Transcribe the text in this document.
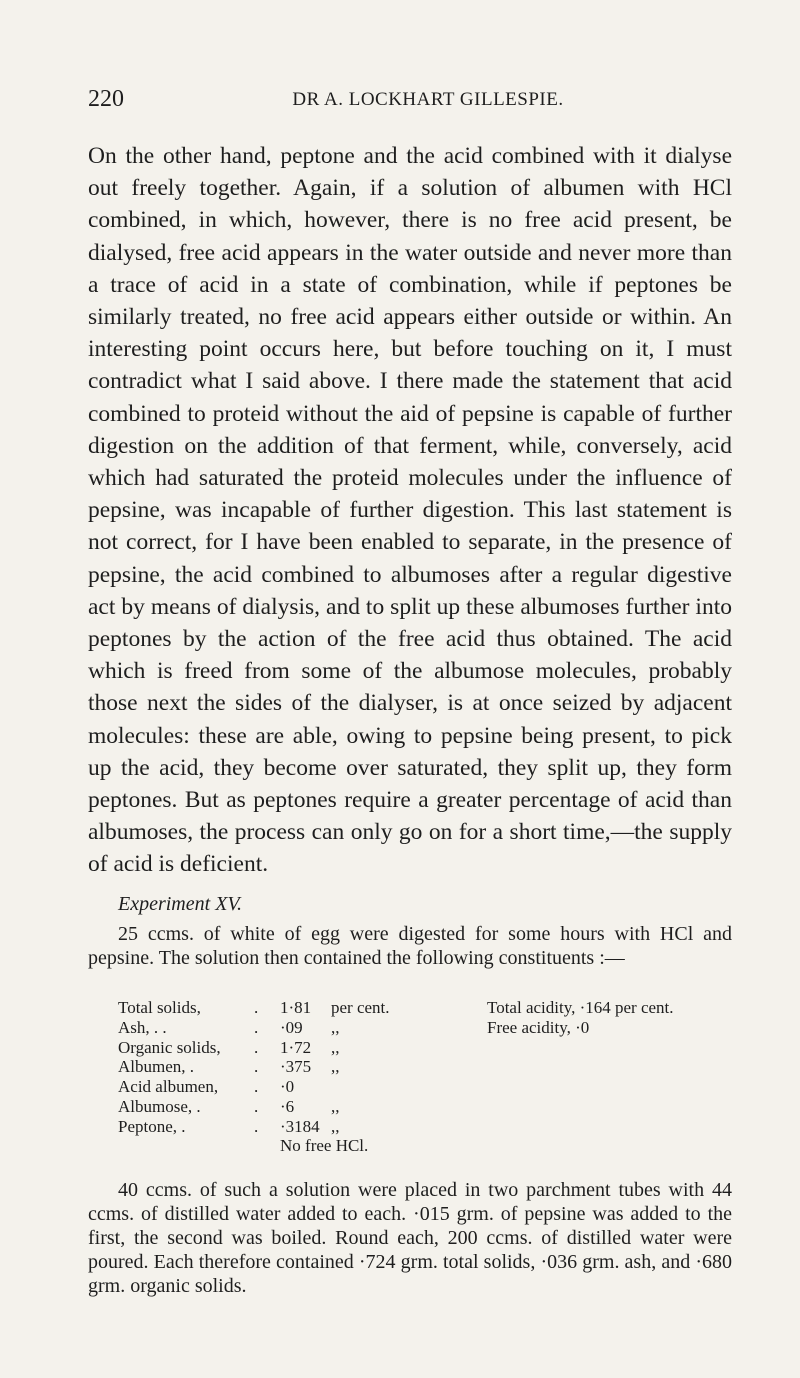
220	DR A. LOCKHART GILLESPIE.

On the other hand, peptone and the acid combined with it dialyse out freely together. Again, if a solution of albumen with HCl combined, in which, however, there is no free acid present, be dialysed, free acid appears in the water outside and never more than a trace of acid in a state of combination, while if peptones be similarly treated, no free acid appears either outside or within. An interesting point occurs here, but before touching on it, I must contradict what I said above. I there made the statement that acid combined to proteid without the aid of pepsine is capable of further digestion on the addition of that ferment, while, conversely, acid which had saturated the proteid molecules under the influence of pepsine, was incapable of further digestion. This last statement is not correct, for I have been enabled to separate, in the presence of pepsine, the acid combined to albumoses after a regular digestive act by means of dialysis, and to split up these albumoses further into peptones by the action of the free acid thus obtained. The acid which is freed from some of the albumose molecules, probably those next the sides of the dialyser, is at once seized by adjacent molecules: these are able, owing to pepsine being present, to pick up the acid, they become over saturated, they split up, they form peptones. But as peptones require a greater percentage of acid than albumoses, the process can only go on for a short time,—the supply of acid is deficient.

Experiment XV.

25 ccms. of white of egg were digested for some hours with HCl and pepsine. The solution then contained the following constituents :—

Total solids,
Ash, . .
Organic solids,
Albumen, .
Acid albumen,
Albumose, .
Peptone, .
.
.
.
.
.
.
.
1·81
·09
1·72
·375
·0
·6
·3184
per cent.
,,
,,
,,
,,
,,
No free HCl.
Total acidity, ·164 per cent.
Free acidity, ·0

40 ccms. of such a solution were placed in two parchment tubes with 44 ccms. of distilled water added to each. ·015 grm. of pepsine was added to the first, the second was boiled. Round each, 200 ccms. of distilled water were poured. Each therefore contained ·724 grm. total solids, ·036 grm. ash, and ·680 grm. organic solids.
